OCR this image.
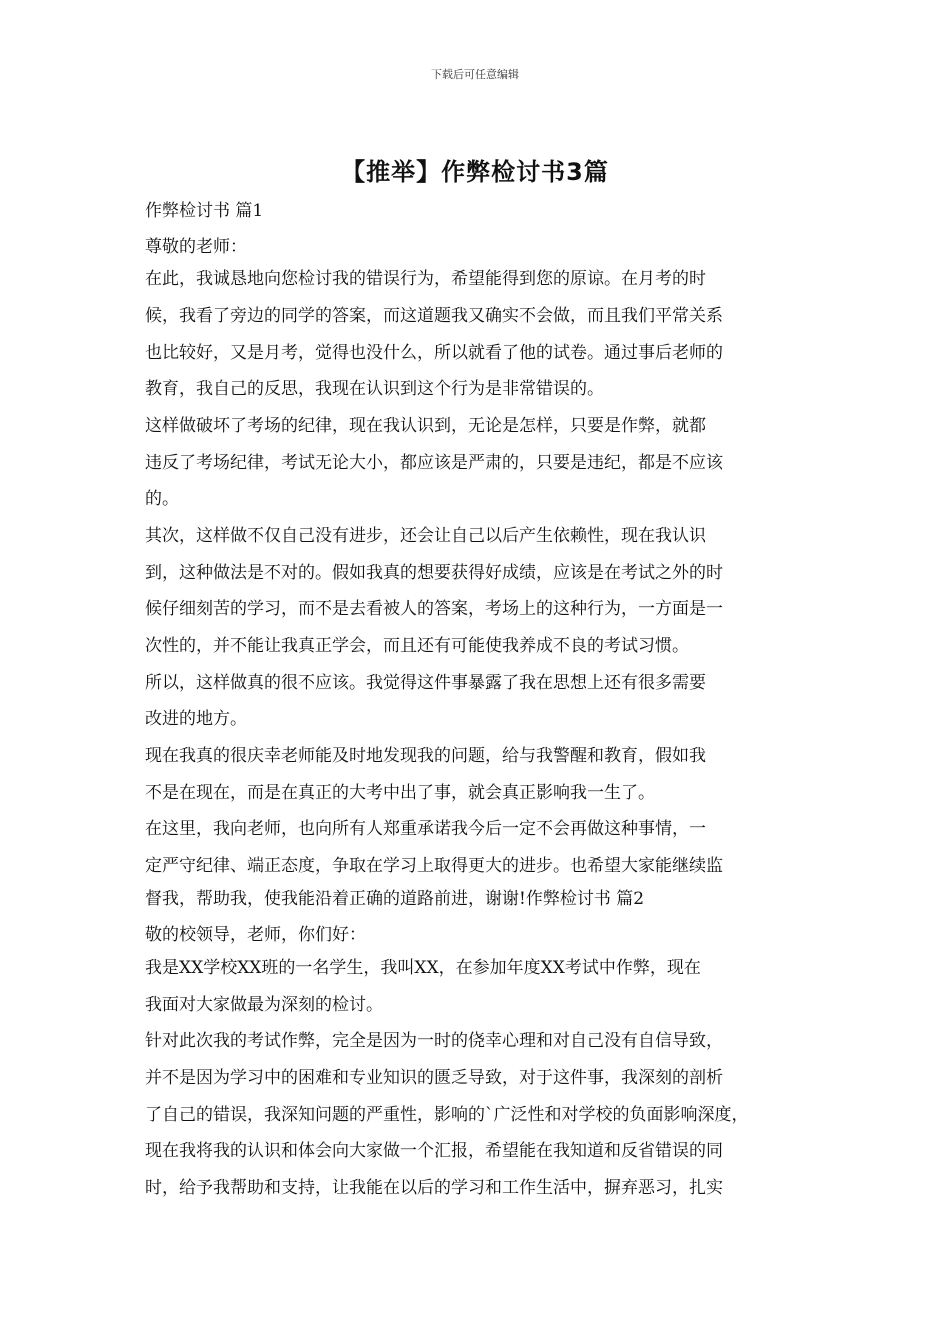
下载后可任意编辑
【推举】作弊检讨书3篇
作弊检讨书 篇1
尊敬的老师：
在此，我诚恳地向您检讨我的错误行为，希望能得到您的原谅。在月考的时
候，我看了旁边的同学的答案，而这道题我又确实不会做，而且我们平常关系
也比较好，又是月考，觉得也没什么，所以就看了他的试卷。通过事后老师的
教育，我自己的反思，我现在认识到这个行为是非常错误的。
这样做破坏了考场的纪律，现在我认识到，无论是怎样，只要是作弊，就都
违反了考场纪律，考试无论大小，都应该是严肃的，只要是违纪，都是不应该
的。
其次，这样做不仅自己没有进步，还会让自己以后产生依赖性，现在我认识
到，这种做法是不对的。假如我真的想要获得好成绩，应该是在考试之外的时
候仔细刻苦的学习，而不是去看被人的答案，考场上的这种行为，一方面是一
次性的，并不能让我真正学会，而且还有可能使我养成不良的考试习惯。
所以，这样做真的很不应该。我觉得这件事暴露了我在思想上还有很多需要
改进的地方。
现在我真的很庆幸老师能及时地发现我的问题，给与我警醒和教育，假如我
不是在现在，而是在真正的大考中出了事，就会真正影响我一生了。
在这里，我向老师，也向所有人郑重承诺我今后一定不会再做这种事情，一
定严守纪律、端正态度，争取在学习上取得更大的进步。也希望大家能继续监
督我，帮助我，使我能沿着正确的道路前进，谢谢!作弊检讨书 篇2
敬的校领导，老师，你们好：
我是XX学校XX班的一名学生，我叫XX，在参加年度XX考试中作弊，现在
我面对大家做最为深刻的检讨。
针对此次我的考试作弊，完全是因为一时的侥幸心理和对自己没有自信导致，
并不是因为学习中的困难和专业知识的匮乏导致，对于这件事，我深刻的剖析
了自己的错误，我深知问题的严重性，影响的`广泛性和对学校的负面影响深度，
现在我将我的认识和体会向大家做一个汇报，希望能在我知道和反省错误的同
时，给予我帮助和支持，让我能在以后的学习和工作生活中，摒弃恶习，扎实
